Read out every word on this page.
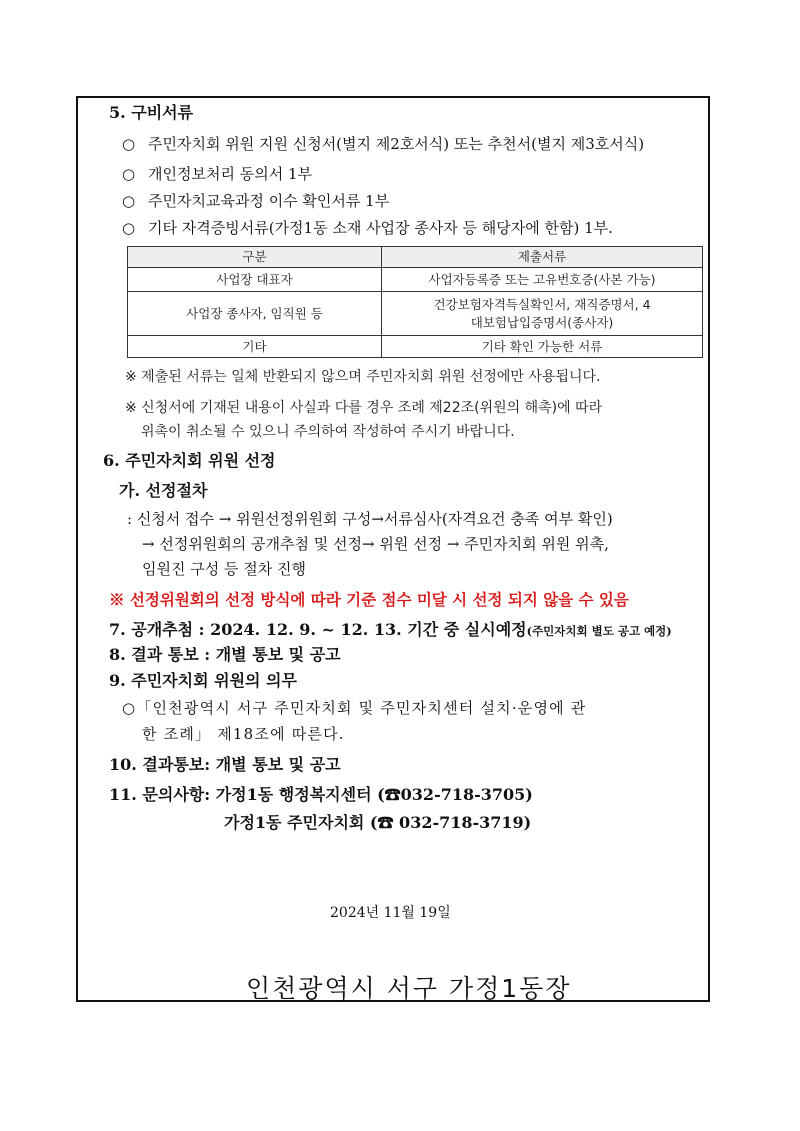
5. 구비서류
○ 주민자치회 위원 지원 신청서(별지 제2호서식) 또는 추천서(별지 제3호서식)
○ 개인정보처리 동의서 1부
○ 주민자치교육과정 이수 확인서류 1부
○ 기타 자격증빙서류(가정1동 소재 사업장 종사자 등 해당자에 한함) 1부.
구분	제출서류
사업장 대표자	사업자등록증 또는 고유번호증(사본 가능)
사업장 종사자, 임직원 등	건강보험자격득실확인서, 재직증명서, 4
대보험납입증명서(종사자)

기타	기타 확인 가능한 서류
※ 제출된 서류는 일체 반환되지 않으며 주민자치회 위원 선정에만 사용됩니다.
※ 신청서에 기재된 내용이 사실과 다를 경우 조례 제22조(위원의 해촉)에 따라
위촉이 취소될 수 있으니 주의하여 작성하여 주시기 바랍니다.
6. 주민자치회 위원 선정
가. 선정절차
: 신청서 접수 → 위원선정위원회 구성→서류심사(자격요건 충족 여부 확인)
→ 선정위원회의 공개추첨 및 선정→ 위원 선정 → 주민자치회 위원 위촉,
임원진 구성 등 절차 진행
※ 선정위원회의 선정 방식에 따라 기준 점수 미달 시 선정 되지 않을 수 있음
7. 공개추첨 : 2024. 12. 9. ~ 12. 13. 기간 중 실시예정(주민자치회 별도 공고 예정)
8. 결과 통보 : 개별 통보 및 공고
9. 주민자치회 위원의 의무
○「인천광역시 서구 주민자치회 및 주민자치센터 설치·운영에 관
한 조례」 제18조에 따른다.
10. 결과통보: 개별 통보 및 공고
11. 문의사항: 가정1동 행정복지센터 (☎032-718-3705)
가정1동 주민자치회 (☎ 032-718-3719)
2024년 11월 19일
인천광역시 서구 가정1동장
